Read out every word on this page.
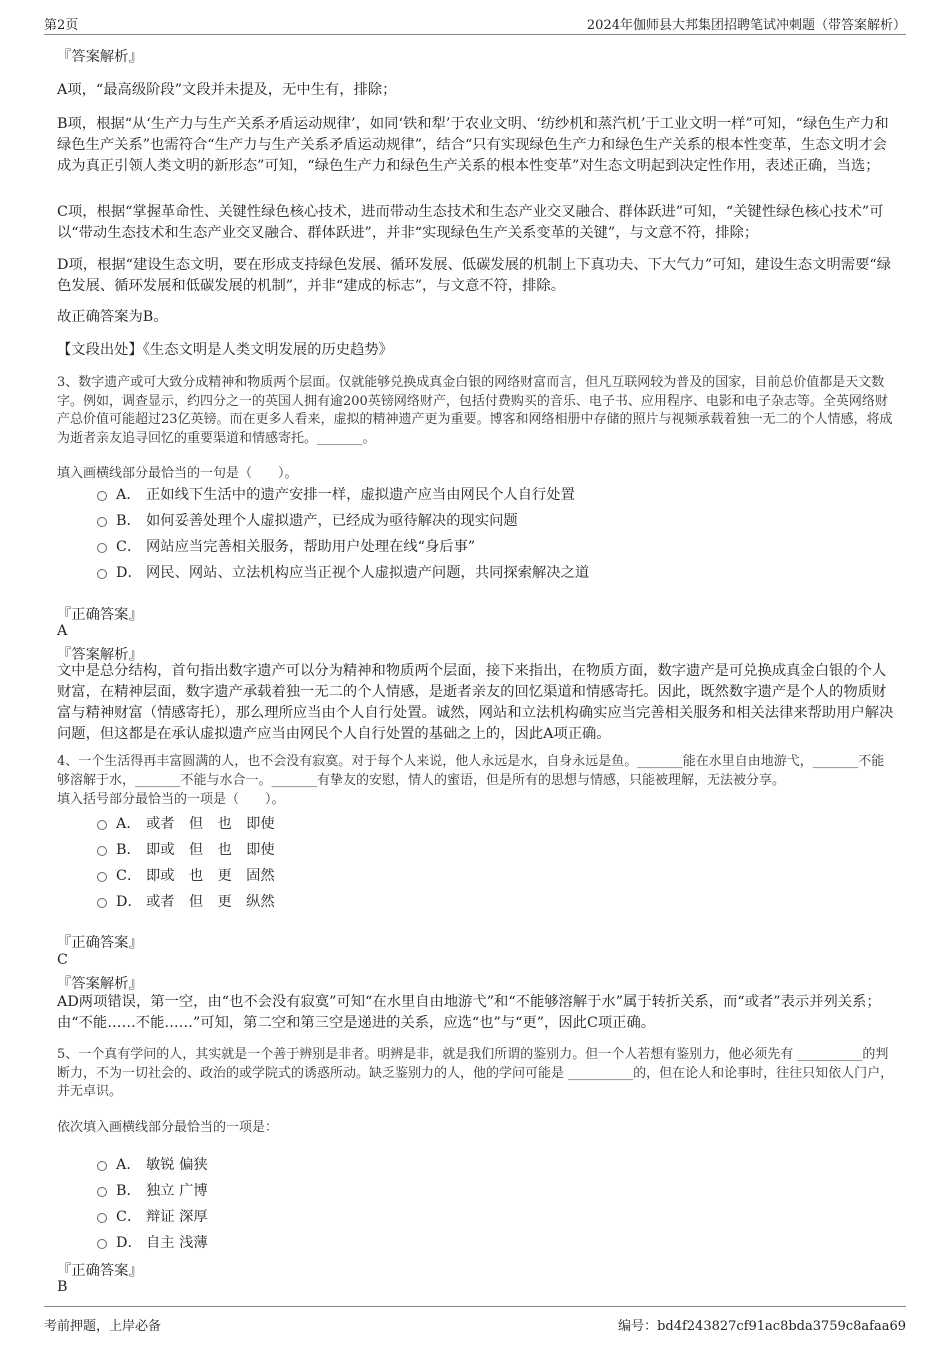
第2页	2024年伽师县大邦集团招聘笔试冲刺题（带答案解析）
『答案解析』
A项，“最高级阶段”文段并未提及，无中生有，排除；
B项，根据“从‘生产力与生产关系矛盾运动规律’，如同‘铁和犁’于农业文明、‘纺纱机和蒸汽机’于工业文明一样”可知，“绿色生产力和绿色生产关系”也需符合“生产力与生产关系矛盾运动规律”，结合“只有实现绿色生产力和绿色生产关系的根本性变革，生态文明才会成为真正引领人类文明的新形态”可知，“绿色生产力和绿色生产关系的根本性变革”对生态文明起到决定性作用，表述正确，当选；
C项，根据“掌握革命性、关键性绿色核心技术，进而带动生态技术和生态产业交叉融合、群体跃进”可知，“关键性绿色核心技术”可以“带动生态技术和生态产业交叉融合、群体跃进”，并非“实现绿色生产关系变革的关键”，与文意不符，排除；
D项，根据“建设生态文明，要在形成支持绿色发展、循环发展、低碳发展的机制上下真功夫、下大气力”可知，建设生态文明需要“绿色发展、循环发展和低碳发展的机制”，并非“建成的标志”，与文意不符，排除。
故正确答案为B。
【文段出处】《生态文明是人类文明发展的历史趋势》
3、数字遗产或可大致分成精神和物质两个层面。仅就能够兑换成真金白银的网络财富而言，但凡互联网较为普及的国家，目前总价值都是天文数字。例如，调查显示，约四分之一的英国人拥有逾200英镑网络财产，包括付费购买的音乐、电子书、应用程序、电影和电子杂志等。全英网络财产总价值可能超过23亿英镑。而在更多人看来，虚拟的精神遗产更为重要。博客和网络相册中存储的照片与视频承载着独一无二的个人情感，将成为逝者亲友追寻回忆的重要渠道和情感寄托。_______。
填入画横线部分最恰当的一句是（　　）。
A． 正如线下生活中的遗产安排一样，虚拟遗产应当由网民个人自行处置
B． 如何妥善处理个人虚拟遗产，已经成为亟待解决的现实问题
C． 网站应当完善相关服务，帮助用户处理在线“身后事”
D． 网民、网站、立法机构应当正视个人虚拟遗产问题，共同探索解决之道
『正确答案』
A
『答案解析』
文中是总分结构，首句指出数字遗产可以分为精神和物质两个层面，接下来指出，在物质方面，数字遗产是可兑换成真金白银的个人财富，在精神层面，数字遗产承载着独一无二的个人情感，是逝者亲友的回忆渠道和情感寄托。因此，既然数字遗产是个人的物质财富与精神财富（情感寄托），那么理所应当由个人自行处置。诚然，网站和立法机构确实应当完善相关服务和相关法律来帮助用户解决问题，但这都是在承认虚拟遗产应当由网民个人自行处置的基础之上的，因此A项正确。
4、一个生活得再丰富圆满的人，也不会没有寂寞。对于每个人来说，他人永远是水，自身永远是鱼。_______能在水里自由地游弋，_______不能够溶解于水，_______不能与水合一。_______有挚友的安慰，情人的蜜语，但是所有的思想与情感，只能被理解，无法被分享。
填入括号部分最恰当的一项是（　　）。
A． 或者　但　也　即使
B． 即或　但　也　即使
C． 即或　也　更　固然
D． 或者　但　更　纵然
『正确答案』
C
『答案解析』
AD两项错误，第一空，由“也不会没有寂寞”可知“在水里自由地游弋”和“不能够溶解于水”属于转折关系，而“或者”表示并列关系；由“不能……不能……”可知，第二空和第三空是递进的关系，应选“也”与“更”，因此C项正确。
5、一个真有学问的人，其实就是一个善于辨别是非者。明辨是非，就是我们所谓的鉴别力。但一个人若想有鉴别力，他必须先有 __________的判断力，不为一切社会的、政治的或学院式的诱惑所动。缺乏鉴别力的人，他的学问可能是 __________的，但在论人和论事时，往往只知依人门户，并无卓识。
依次填入画横线部分最恰当的一项是：
A． 敏锐 偏狭
B． 独立 广博
C． 辩证 深厚
D． 自主 浅薄
『正确答案』
B
考前押题，上岸必备	编号：bd4f243827cf91ac8bda3759c8afaa69
